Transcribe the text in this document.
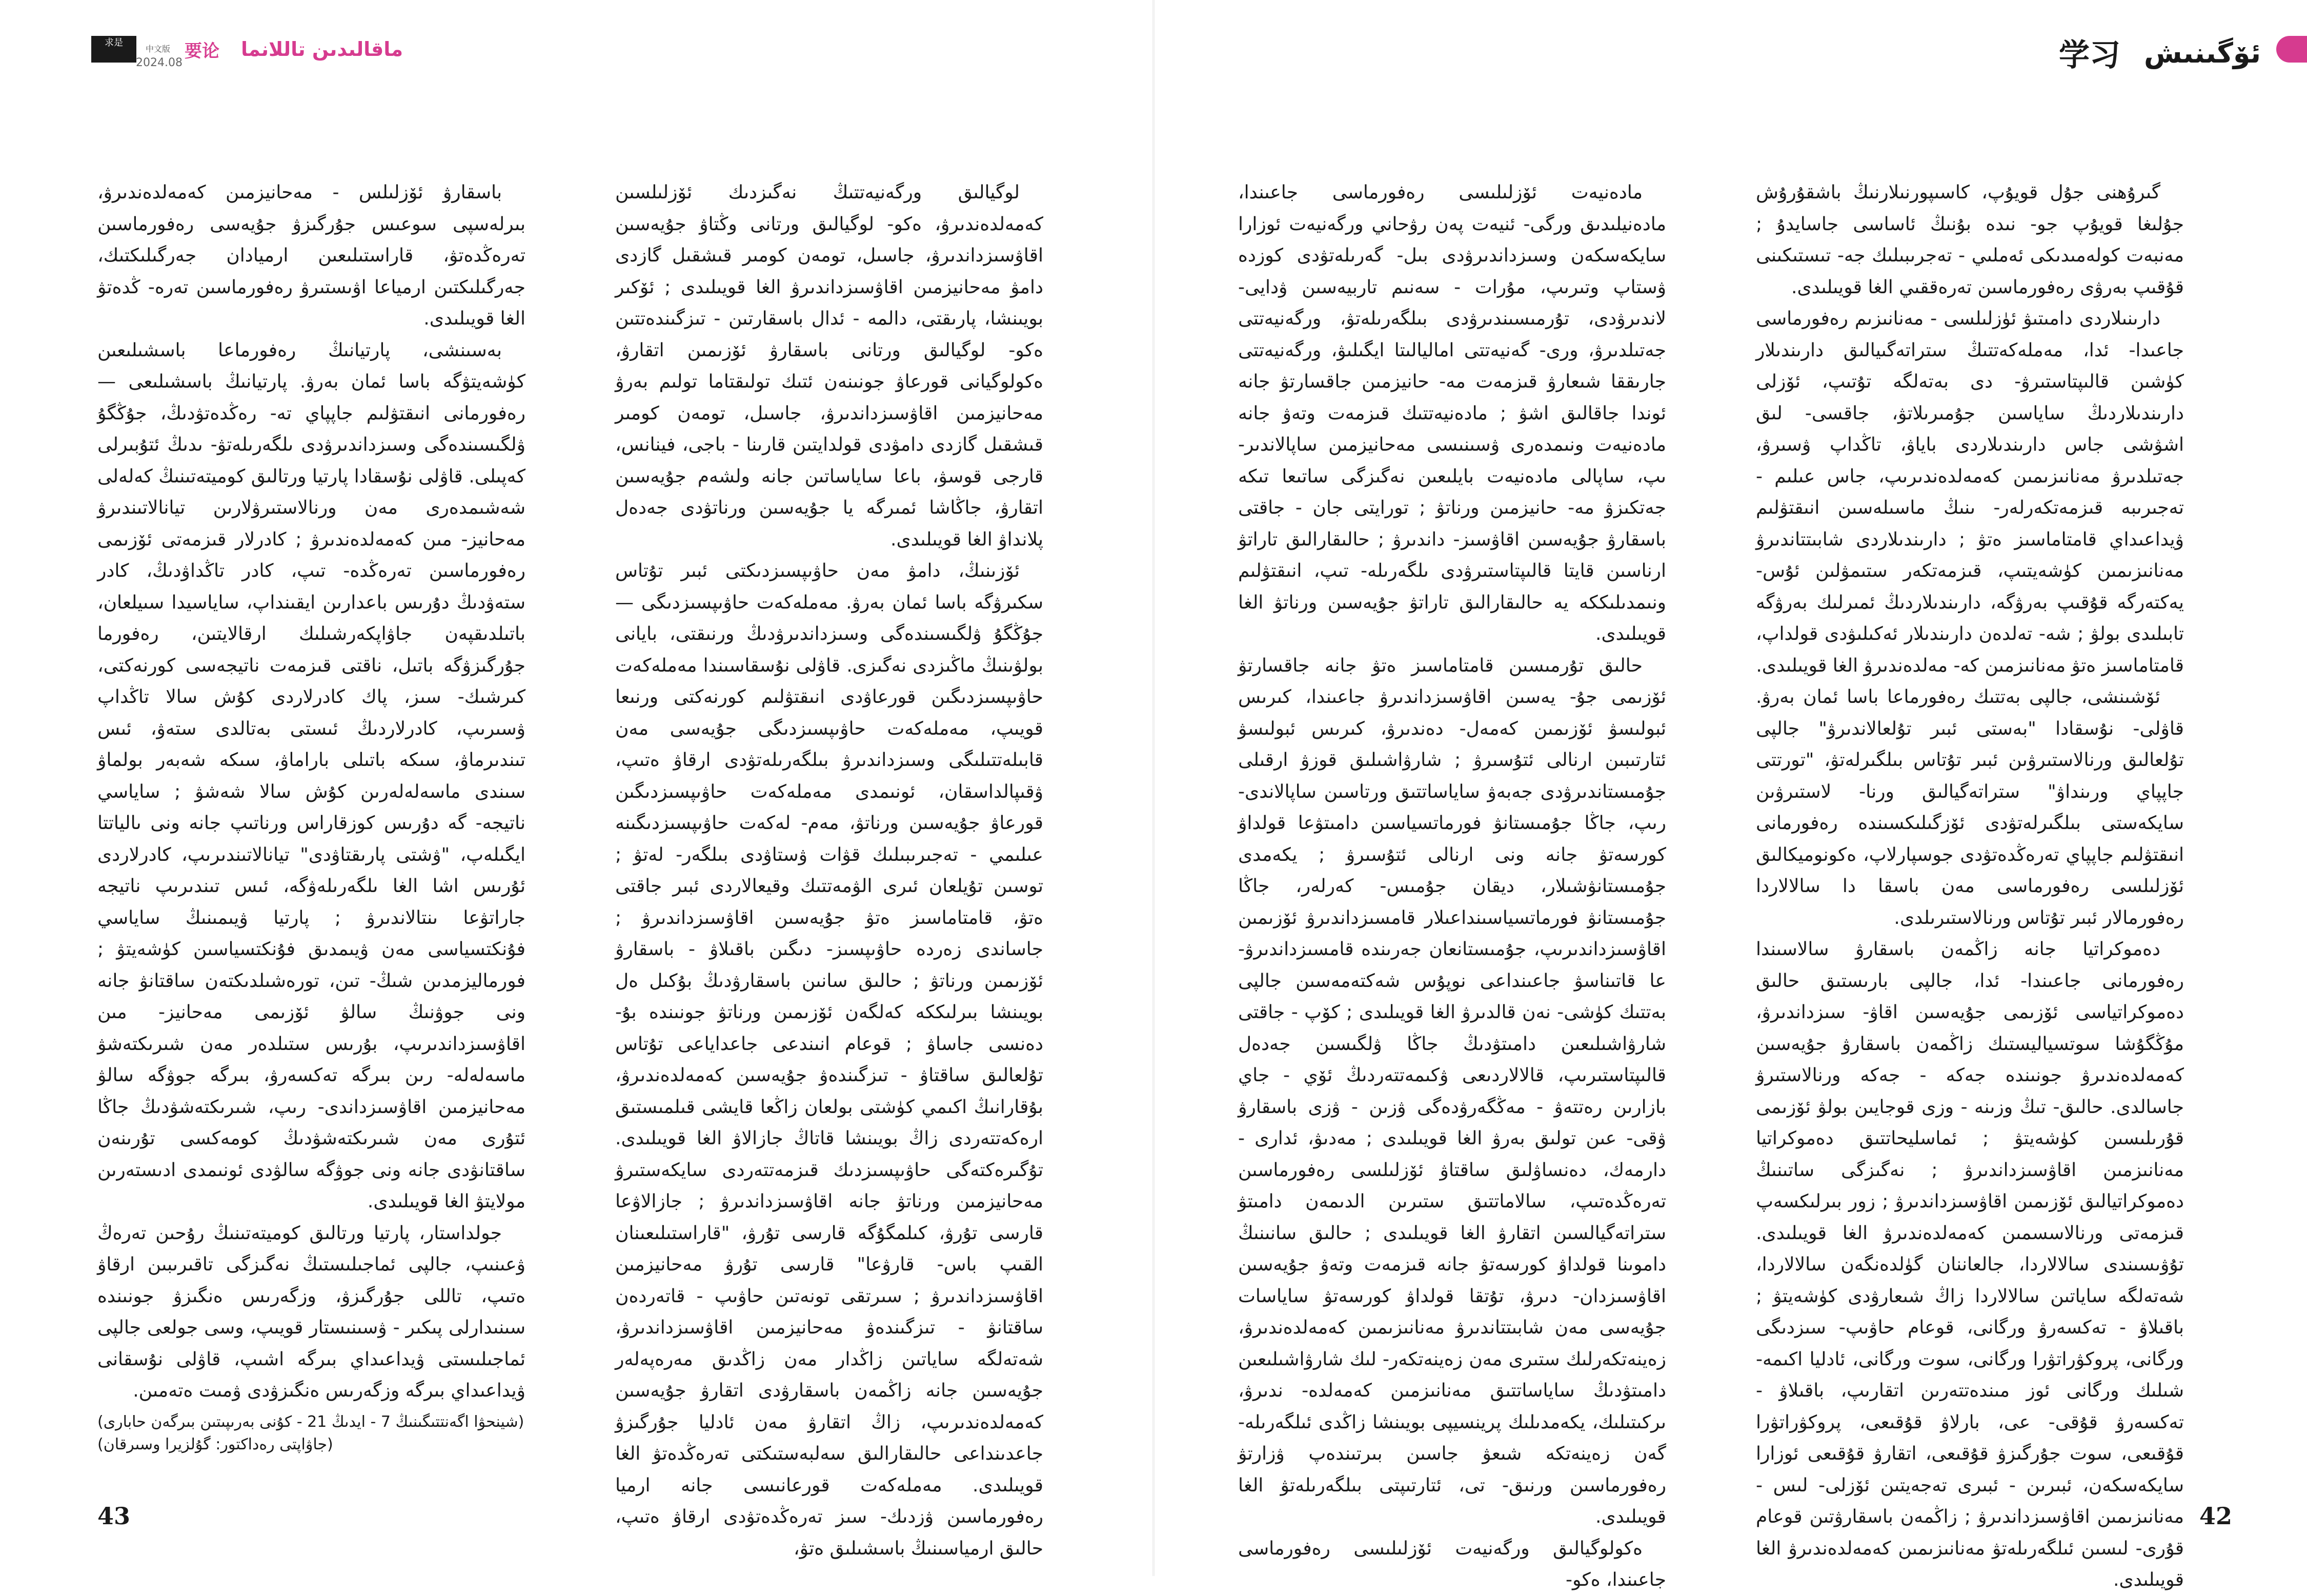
求是
中文版 要论 ماقالىدىن تاللانما
2024.08

باسقارۋ ئۆزلىلس - مەحانيزمىن كەمەلدەندىرۋ، بىرلەسپى سوعىس جۇرگىزۋ جۇيەسى رەفورماسىن تەرەڭدەتۋ، قاراستىلىعىن ارميادان جەرگىلىكتىك، جەرگىلىكتىن ارمياعا اۋىستىرۋ رەفورماسىن تەرە- ڭدەتۋ الغا قويىلىدى.

بەسىنشى، پارتيانىڭ رەفورماعا باسشىلىعىن كۈشەيتۋگە باسا ئمان بەرۋ. پارتيانىڭ باسشىلىعى — رەفورمانى انىقتۋلىم جاپپاي تە- رەڭدەتۋدىڭ، جۇڭگۇ ۋلگىسىندەگى وسىزداندىرۋدى ىلگەرىلەتۋ- ىدىڭ ئتۇبىرلى كەپىلى. قاۋلى نۇسقادا پارتيا ورتالىق كوميتەتىنىڭ كەلەلى شەشىمدەرى مەن ورنالاستىرۋلارىن تيانالاتىندىرۋ مەحانيز- مىن كەمەلدەندىرۋ ; كادرلار قىزمەتى ئۆزىمى رەفورماسىن تەرەڭدە- تىپ، كادر تاڭداۋدىڭ، كادر ستەۋدىڭ دۇرىس باعدارىن ايقىنداپ، ساياسيدا سىيلعان، باتىلدىقپەن جاۋاپكەرشىلىك ارقالايتىن، رەفورما جۇرگىزۋگە باتىل، ناقتى قىزمەت ناتيجەسى كورنەكتى، كىرشىك- سىز، پاك كادرلاردى كۇش سالا تاڭداپ ۋسىرىپ، كادرلاردىڭ ئىستى بەتالدى ستەۋ، ئىس تىندىرماۋ، سىكە باتىلى باراماۋ، سىكە شەبەر بولماۋ سىندى ماسەلەلەرىن كۇش سالا شەشۋ ; ساياسي ناتيجە- گە دۇرىس كوزقاراس ورناتىپ جانە ونى ىالياتتا ايگىلەپ، "ۋشتى پارىقتاۋدى" تيانالاتىندىرىپ، كادرلاردى ئۇرىس اشا الغا ىلگەرىلەۋگە، ئىس تىندىرىپ ناتيجە جاراتۋعا ىنتالاندىرۋ ; پارتيا ۋيىمىنىڭ ساياسي فۇنكتسياسى مەن ۋيىمدىق فۇنكتسياسىن كۈشەيتۋ ; فورماليزمدىن شىڭ- تىن، تورەشىلدىكتەن ساقتانۋ جانە ونى جوۋنىڭ سالۋ ئۆزىمى مەحانيز- مىن اقاۋسىزداندىرىپ، بۇرىس ستىلدەر مەن شىرىكتەشۋ ماسەلەلە- رىن بىرگە تەكسەرۋ، بىرگە جوۋگە سالۋ مەحانيزمىن اقاۋسىزداندى- رىپ، شىرىكتەشۋدىڭ جاڭا ئتۇرى مەن شىرىكتەشۋدىڭ كومەكسى تۇرىنەن ساقتانۋدى جانە ونى جوۋگە سالۋدى ئونىمدى ادىستەرىن مولايتۋ الغا قويىلىدى.

جولداستار، پارتيا ورتالىق كوميتەتىنىڭ رۇحىن تەرەڭ ۋعىنىپ، جالپى ئماجىلىستىڭ نەگىزگى تاقىرىبىن ارقاۋ ەتىپ، تاللى جۇرگىزۋ، وزگەرىس ەنگىزۋ جونىندە سىنىدارلى پىكىر - ۋسىنىستار قويىپ، وسى جولعى جالپى ئماجىلىستى ۋيداعىداي بىرگە اشىپ، قاۋلى نۇسقانى ۋيداعىداي بىرگە وزگەرىس ەنگىزۋدى ۋمىت ەتەمىن.

(شينحۋا اگەنتتىگىنىڭ 7 - ايدىڭ 21 - كۇنى بەرىپىتىن بىرگەن حابارى)
(جاۋاپتى رەداكتور: گۇلزيرا وسىرقان)

لوگيالىق ورگەنيەتتىڭ نەگىزدىك ئۆزلىلسىن كەمەلدەندىرۋ، ەكو- لوگيالىق ورتانى وڭتاۋ جۇيەسىن اقاۋسىزداندىرۋ، جاسىل، تومەن كومىر قىشقىل گازدى دامۋ مەحانيزمىن اقاۋسىزداندىرۋ الغا قويىلىدى ; ئۆكىر بويىنشا، پارىقتى، دالمە - ئدال باسقارتىن - تىزگىندەتتىن ەكو- لوگيالىق ورتانى باسقارۋ ئۆزىمىن اتقارۋ، ەكولوگيانى قورعاۋ جونىنەن ئتىك تولىقتاما تولىم بەرۋ مەحانيزمىن اقاۋسىزداندىرۋ، جاسىل، تومەن كومىر قىشقىل گازدى دامۋدى قولدايتىن قارىنا - باجى، فينانس، قارجى قوسۋ، باعا ساياساتىن جانە ولشەم جۇيەسىن اتقارۋ، جاڭاشا ئمىرگە يا جۇيەسىن ورناتۋدى جەدەل پلانداۋ الغا قويىلىدى.

ئۆزىنىڭ، دامۋ مەن حاۋىپسىزدىكتى ئبىر تۇتاس سكىرۋگە باسا ئمان بەرۋ. مەملەكەت حاۋىپسىزدىگى — جۇڭگۇ ۋلگىسىندەگى وسىزداندىرۋدىڭ ورنىقتى، بايانى بولۋىنىڭ ماڭىزدى نەگىزى. قاۋلى نۇسقاسىندا مەملەكەت حاۋىپسىزدىگىن قورعاۋدى انىقتۋلىم كورنەكتى ورنىعا قويىپ، مەملەكەت حاۋىپسىزدىگى جۇيەسى مەن قابىلەتتىلىگى وسىزداندىرۋ بىلگەرىلەتۋدى ارقاۋ ەتىپ، ۋقىپالداسقان، ئونىمدى مەملەكەت حاۋىپسىزدىگىن قورعاۋ جۇيەسىن ورناتۋ، مەم- لەكەت حاۋىپسىزدىگىنە عىلىمي - تەجىرىبىلىك قۋات ۋستاۋدى بىلگەر- لەتۋ ; توسىن تۇيلعان ئىرى الۋمەتتىك وقيعالاردى ئبىر جاقتى ەتۋ، قامتاماسىز ەتۋ جۇيەسىن اقاۋسىزداندىرۋ ; جاساندى زەردە حاۋىپسىز- دىگىن باقىلاۋ - باسقارۋ ئۆزىمىن ورناتۋ ; حالىق سانىن باسقارۋدىڭ بۇكىل ەل بويىنشا بىرلىككە كەلگەن ئۆزىمىن ورناتۋ جونىندە بۇ- دەنسى جاساۋ ; قوعام انىندعى جاعداياعى تۇتاس تۇلعالىق ساقتاۋ - تىزگىندەۋ جۇيەسىن كەمەلدەندىرۋ، بۇقارانىڭ اكىمي كۈشتى بولعان زاڭعا قايشى قىلمىستىق ارەكەتتەردى زاڭ بويىنشا قاتاڭ جازالاۋ الغا قويىلىدى. تۇگىرەكتەگى حاۋىپسىزدىك قىزمەتتەردى سايكەستىرۋ مەحانيزمىن ورناتۋ جانە اقاۋسىزداندىرۋ ; جازالاۋعا قارسى تۇرۋ، كىلمگۇگە قارسى تۇرۋ، "قاراستىلىعىنان القىپ باس- قارۋعا" قارسى تۇرۋ مەحانيزمىن اقاۋسىزداندىرۋ ; سىرتقى تونەتىن حاۋىپ - قاتەردەن ساقتانۋ - تىزگىندەۋ مەحانيزمىن اقاۋسىزداندىرۋ، شەتەلگە ساياتىن زاڭدار مەن زاڭدىق مەرەپەلەر جۇيەسىن جانە زاڭمەن باسقارۋدى اتقارۋ جۇيەسىن كەمەلدەندىرىپ، زاڭ اتقارۋ مەن ئادليا جۇرگىزۋ جاعدىنداعى حالىقارالىق سەلبەستىكتى تەرەڭدەتۋ الغا قويىلىدى. مەملەكەت قورعانىسى جانە ارميا رەفورماسىن ۋزدىك- سىز تەرەڭدەتۋدى ارقاۋ ەتىپ، حالىق ارمياسىنىڭ باسشىلىق ەتۋ،

43
学习 ئۆگىنىش

مادەنيەت ئۆزلىلىسى رەفورماسى جاعىندا، مادەنيلىدىق ورگى- ئنيەت پەن رۋحاني ورگەنيەت ئوزارا سايكەسكەن وسىزداندىرۋدى بىل- گەرىلەتۋدى كوزدە ۋستاپ وتىرىپ، مۇرات - سەنىم تاربيەسىن ۋدايى- لاندىرۋدى، تۇرمىسىندىرۋدى بىلگەرىلەتۋ، ورگەنيەتتى جەتىلدىرۋ، ورى- گەنيەتتى اماليالىتا ايگىلىۋ، ورگەنيەتتى جارىققا شىعارۋ قىزمەت مە- حانيزمىن جاقسارتۋ جانە ئوندا جاقالىق اشۋ ; مادەنيەتتىك قىزمەت وتەۋ جانە مادەنيەت ونىمدەرى ۋسىنىسى مەحانيزمىن ساپالاندىر- ىپ، ساپالى مادەنيەت بايلىعىن نەگىزگى ساتىعا تىكە جەتكىزۋ مە- حانيزمىن ورناتۋ ; تورايتى جان - جاقتى باسقارۋ جۇيەسىن اقاۋسىز- داندىرۋ ; حالىقارالىق تاراتۋ ارناسىن قايتا قالىپتاستىرۋدى ىلگەرىلە- تىپ، انىقتۋلىم ونىمدىلىككە يە حالىقارالىق تاراتۋ جۇيەسىن ورناتۋ الغا قويىلىدى.

حالىق تۇرمىسىن قامتاماسىز ەتۋ جانە جاقسارتۋ ئۆزىمى جۇ- يەسىن اقاۋسىزداندىرۋ جاعىندا، كىرىس ئبولىسۋ ئۆزىمىن كەمەل- دەندىرۋ، كىرىس ئبولىسۋ ئتارتىبىن ارنالى ئتۇسىرۋ ; شارۋاشىلىق قوزۋ ارقىلى جۇمىستاندىرۋدى جەبەۋ ساياساتتىق ورتاسىن ساپالاندى- رىپ، جاڭا جۇمىستانۋ فورماتسياسىن دامىتۋعا قولداۋ كورسەتۋ جانە ونى ارنالى ئتۇسىرۋ ; يكەمدى جۇمىستانۋشىلار، ديقان جۇمىس- كەرلەر، جاڭا جۇمىستانۋ فورماتسياسىنداعىلار قامسىزداندىرۋ ئۆزىمىن اقاۋسىزداندىرىپ، جۇمىستانعان جەرىندە قامسىزداندىرۋ- عا قاتىناسۋ جاعىنداعى نوپۇس شەكتەمەسىن جالپى بەتتىك كۈشى- نەن قالدىرۋ الغا قويىلىدى ; كۆپ - جاقتى شارۋاشىلىعىن دامىتۋدىڭ جاڭا ۋلگىسىن جەدەل قالىپتاستىرىپ، قالالاردىعى ۋكىمەتتەردىڭ ئۆي - جاي بازارىن رەتتەۋ - مەڭگەرۋدەگى ۋزىن - ۋزى باسقارۋ ۋقى- عىن تولىق بەرۋ الغا قويىلىدى ; مەدىۋ، ئدارى - دارمەك، دەنساۋلىق ساقتاۋ ئۆزلىلسى رەفورماسىن تەرەڭدەتىپ، سالاماتتىق ستىرىن الدىمەن دامىتۋ ستراتەگيالسىن اتقارۋ الغا قويىلىدى ; حالىق سانىنىڭ داموىنا قولداۋ كورسەتۋ جانە قىزمەت وتەۋ جۇيەسىن اقاۋسىزدان- دىرۋ، تۇتقا قولداۋ كورسەتۋ ساياسات جۇيەسى مەن شابىتتاندىرۋ مەنانىزىمىن كەمەلدەندىرۋ، زەينەتكەرلىك ستىرى مەن زەينەتكەر- لىك شارۋاشىلىعىن دامىتۋدىڭ ساياساتتىق مەنانىزمىن كەمەلدە- ندىرۋ، ىركىتىلىك، يكەمدىلىك پرينسيپى بويىنشا زاڭدى ئىلگەرىلە- گەن زەينەتكە شىعۋ جاسىن بىرتىندەپ ۋزارتۋ رەفورماسىن ورنىق- تى، ئتارتىپتى بىلگەرىلەتۋ الغا قويىلىدى.

ەكولوگيالىق ورگەنيەت ئۆزلىلىسى رەفورماسى جاعىندا، ەكو-

گىرۇھنى جۇل قويۇپ، كاسىپورنىلارنىڭ باشقۇرۇش جۇلىغا قويۇپ جو- نىدە بۇنىڭ ئاساسى جاسايدۇ ; مەنبەت كولەمىدىكى ئەملىي - تەجرىبىلىك جە- تىستىكىنى قۇقىپ بەرۋى رەفورماسىن تەرەققىي الغا قويىلىدى.

دارىنىلاردى دامىتىۋ ئۈزلىلسى - مەنانىزىم رەفورماسى جاعىدا- ئدا، مەملەكەتتىڭ ستراتەگىيالىق دارىندىلار كۈشىن قالىپتاستىرۋ- دى بەتەلگە تۇتىپ، ئۆزلى دارىندىلاردىڭ ساياسىن جۇمىرىلاتۋ، جاقسى- لىق اشۋشى جاس دارىندىلاردى باياۋ، تاڭداپ ۋسىرۋ، جەتىلدىرۋ مەنانىزىمىن كەمەلدەندىرىپ، جاس عىلىم - تەجىرىبە قىزمەتكەرلەر- ىنىڭ ماسىلەسىن انىقتۋلىم ۋيداعىداي قامتاماسىز ەتۋ ; دارىندىلاردى شابىتتاندىرۋ مەنانىزىمىن كۈشەيتىپ، قىزمەتكەر ستىمۋلىن ئۇس- يەكتەرگە قۇقىپ بەرۋگە، دارىندىلاردىڭ ئمىرلىك بەرۋگە تابىلىدى بولۋ ; شە- تەلدەن دارىندىلار ئەكىلىۋدى قولداپ، قامتاماسىز ەتۋ مەنانىزمىن كە- مەلدەندىرۋ الغا قويىلىدى.

ئۆشىنشى، جالپى بەتتىك رەفورماعا باسا ئمان بەرۋ. قاۋلى- نۇسقادا "بەستى ئبىر تۇلعالاندىرۋ" جالپى تۇلعالىق ورنالاستىرۋىن ئبىر تۇتاس بىلگىرلەتۋ، "تورتتى جاپپاي ورىنداۋ" ستراتەگيالىق ورنا- لاستىرۋىن سايكەستى بىلگىرلەتۋدى ئۆزگىلىكسىندە رەفورمانى انىقتۋلىم جاپپاي تەرەڭدەتۋدى جوسپارلاپ، ەكونوميكالىق ئۆزلىلسى رەفورماسى مەن باسقا دا سالالاردا رەفورمالار ئبىر تۇتاس ورنالاستىرىلدى.

دەموكراتيا جانە زاڭمەن باسقارۋ سالاسىندا رەفورمانى جاعىندا- ئدا، جالپى بارىستىق حالىق دەموكراتياسى ئۆزىمى جۇيەسىن اقاۋ- سىزداندىرۋ، مۇڭگۇشا سوتسياليستىك زاڭمەن باسقارۋ جۇيەسىن كەمەلدەندىرۋ جونىندە جەكە - جەكە ورنالاستىرۋ جاسالدى. حالىق- تىڭ وزىنە - وزى قوجايىن بولۋ ئۆزىمى قۇرىلىسىن كۈشەيتۋ ; ئماسليحاتتىق دەموكراتيا مەنانىزمىن اقاۋسىزداندىرۋ ; نەگىزگى ساتىنىڭ دەموكراتيالىق ئۆزىمىن اقاۋسىزداندىرۋ ; زور بىرلىكسەپ قىزمەتى ورنالاسسمىن كەمەلدەندىرۋ الغا قويىلىدى. تۇۋىسىندى سالالاردا، جالعاننان گۈلدەنگەن سالالاردا، شەتەلگە ساياتىن سالالاردا زاڭ شىعارۋدى كۈشەيتۋ ; باقىلاۋ - تەكسەرۋ ورگانى، قوعام حاۋىپ- سىزدىگى ورگانى، پروكۋراتۋرا ورگانى، سوت ورگانى، ئادليا اكىمە- شىلىك ورگانى ئوز مىندەتتەرىن اتقارىپ، باقىلاۋ - تەكسەرۋ قۇقى- عى، بارلاۋ قۇقىعى، پروكۋراتۋرا قۇقىعى، سوت جۇرگىزۋ قۇقىعى، اتقارۋ قۇقىعى ئوزارا سايكەسكەن، ئبىرىن - ئبىرى تەجەيتىن ئۆزلى- لىس - مەنانىزىمىن اقاۋسىزداندىرۋ ; زاڭمەن باسقارۋتىن قوعام قۇرى- لىسىن ئىلگەرىلەتۋ مەنانىزىمىن كەمەلدەندىرۋ الغا قويىلىدى.

42
